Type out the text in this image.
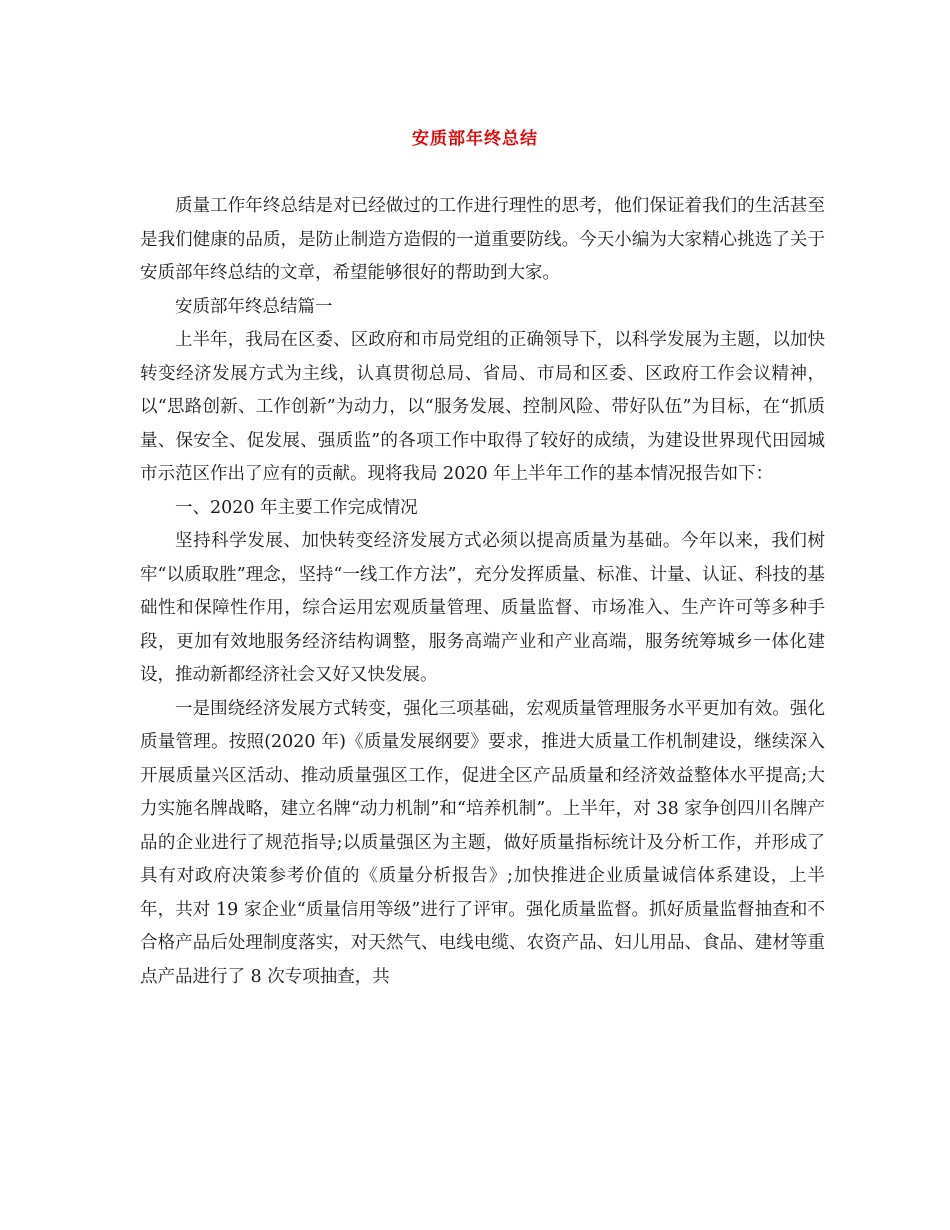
安质部年终总结

质量工作年终总结是对已经做过的工作进行理性的思考，他们保证着我们的生活甚至是我们健康的品质，是防止制造方造假的一道重要防线。今天小编为大家精心挑选了关于安质部年终总结的文章，希望能够很好的帮助到大家。

安质部年终总结篇一

上半年，我局在区委、区政府和市局党组的正确领导下，以科学发展为主题，以加快转变经济发展方式为主线，认真贯彻总局、省局、市局和区委、区政府工作会议精神，以“思路创新、工作创新”为动力，以“服务发展、控制风险、带好队伍”为目标，在“抓质量、保安全、促发展、强质监”的各项工作中取得了较好的成绩，为建设世界现代田园城市示范区作出了应有的贡献。现将我局 2020 年上半年工作的基本情况报告如下：

一、2020 年主要工作完成情况

坚持科学发展、加快转变经济发展方式必须以提高质量为基础。今年以来，我们树牢“以质取胜”理念，坚持“一线工作方法”，充分发挥质量、标准、计量、认证、科技的基础性和保障性作用，综合运用宏观质量管理、质量监督、市场准入、生产许可等多种手段，更加有效地服务经济结构调整，服务高端产业和产业高端，服务统筹城乡一体化建设，推动新都经济社会又好又快发展。

一是围绕经济发展方式转变，强化三项基础，宏观质量管理服务水平更加有效。强化质量管理。按照(2020 年)《质量发展纲要》要求，推进大质量工作机制建设，继续深入开展质量兴区活动、推动质量强区工作，促进全区产品质量和经济效益整体水平提高;大力实施名牌战略，建立名牌“动力机制”和“培养机制”。上半年，对 38 家争创四川名牌产品的企业进行了规范指导;以质量强区为主题，做好质量指标统计及分析工作，并形成了具有对政府决策参考价值的《质量分析报告》;加快推进企业质量诚信体系建设，上半年，共对 19 家企业“质量信用等级”进行了评审。强化质量监督。抓好质量监督抽查和不合格产品后处理制度落实，对天然气、电线电缆、农资产品、妇儿用品、食品、建材等重点产品进行了 8 次专项抽查，共
